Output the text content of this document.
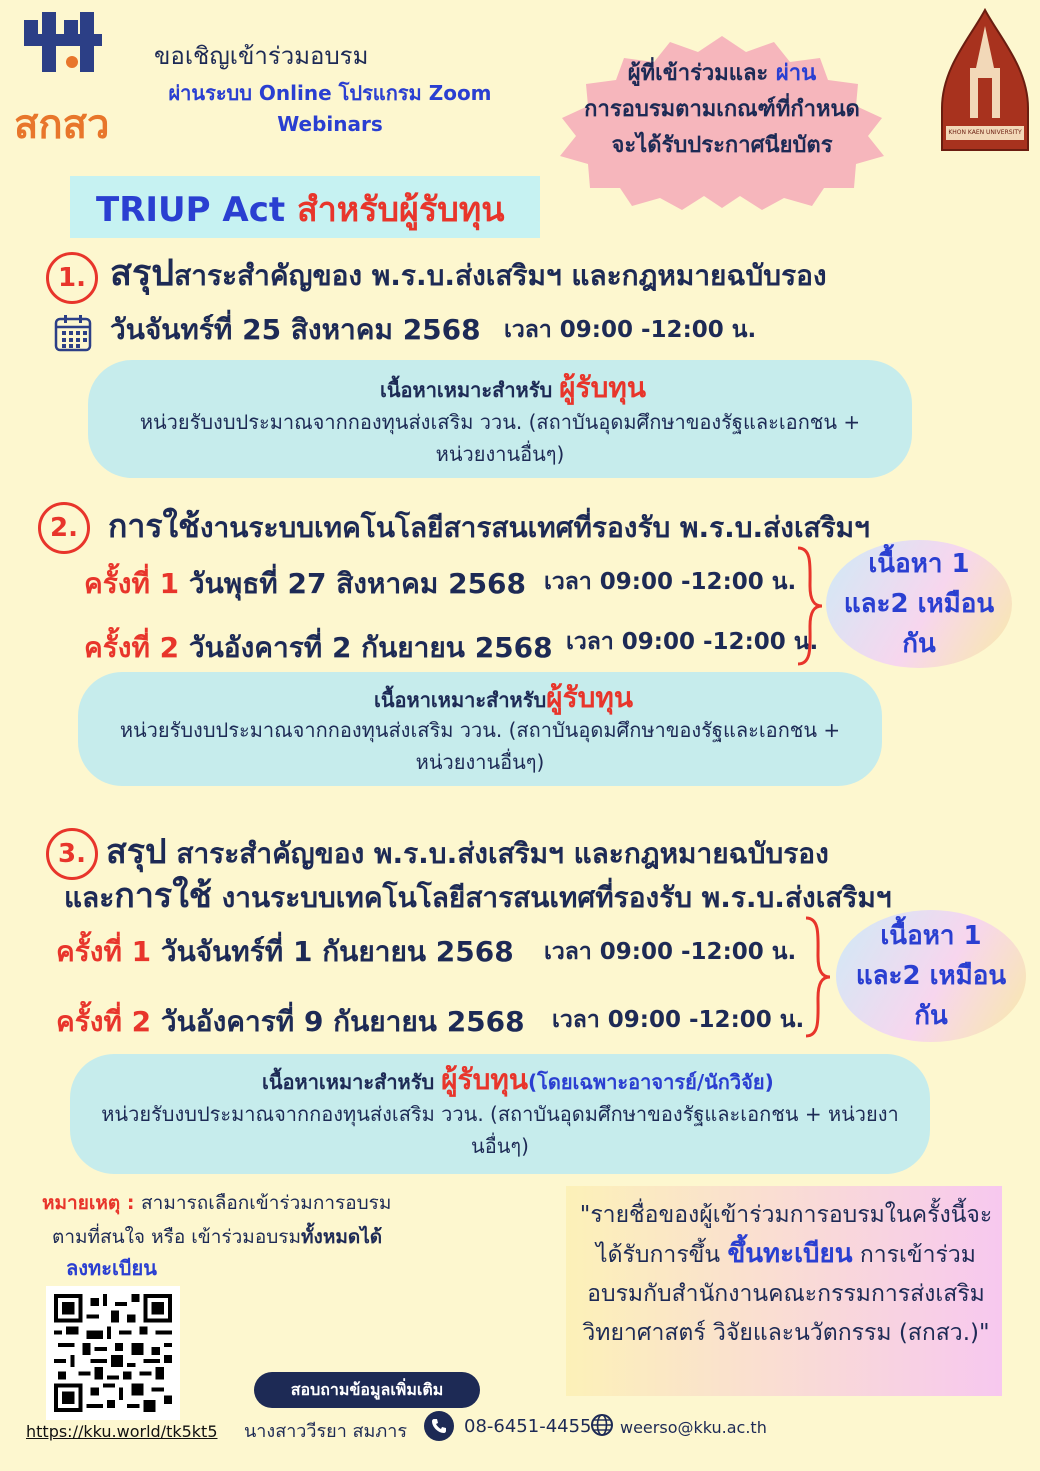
สกสว
ขอเชิญเข้าร่วมอบรม
ผ่านระบบ Online โปรแกรม Zoom Webinars
ผู้ที่เข้าร่วมและ ผ่าน
การอบรมตามเกณฑ์ที่กำหนดจะได้รับประกาศนียบัตร
KHON KAEN UNIVERSITY
TRIUP Act สำหรับผู้รับทุน
1. สรุปสาระสำคัญของ พ.ร.บ.ส่งเสริมฯ และกฎหมายฉบับรอง
วันจันทร์ที่ 25 สิงหาคม 2568 เวลา 09:00 -12:00 น.
เนื้อหาเหมาะสำหรับ ผู้รับทุน
หน่วยรับงบประมาณจากกองทุนส่งเสริม ววน. (สถาบันอุดมศึกษาของรัฐและเอกชน + หน่วยงานอื่นๆ)
2. การใช้งานระบบเทคโนโลยีสารสนเทศที่รองรับ พ.ร.บ.ส่งเสริมฯ
ครั้งที่ 1 วันพุธที่ 27 สิงหาคม 2568 เวลา 09:00 -12:00 น.
ครั้งที่ 2 วันอังคารที่ 2 กันยายน 2568 เวลา 09:00 -12:00 น.
เนื้อหา 1 และ2 เหมือนกัน
เนื้อหาเหมาะสำหรับผู้รับทุน
หน่วยรับงบประมาณจากกองทุนส่งเสริม ววน. (สถาบันอุดมศึกษาของรัฐและเอกชน + หน่วยงานอื่นๆ)
3. สรุป สาระสำคัญของ พ.ร.บ.ส่งเสริมฯ และกฎหมายฉบับรอง
และการใช้ งานระบบเทคโนโลยีสารสนเทศที่รองรับ พ.ร.บ.ส่งเสริมฯ
ครั้งที่ 1 วันจันทร์ที่ 1 กันยายน 2568 เวลา 09:00 -12:00 น.
ครั้งที่ 2 วันอังคารที่ 9 กันยายน 2568 เวลา 09:00 -12:00 น.
เนื้อหา 1 และ2 เหมือนกัน
เนื้อหาเหมาะสำหรับ ผู้รับทุน(โดยเฉพาะอาจารย์/นักวิจัย)
หน่วยรับงบประมาณจากกองทุนส่งเสริม ววน. (สถาบันอุดมศึกษาของรัฐและเอกชน + หน่วยงานอื่นๆ)
หมายเหตุ : สามารถเลือกเข้าร่วมการอบรม
ตามที่สนใจ หรือ เข้าร่วมอบรมทั้งหมดได้
ลงทะเบียน
https://kku.world/tk5kt5
"รายชื่อของผู้เข้าร่วมการอบรมในครั้งนี้จะได้รับการขึ้น ขึ้นทะเบียน การเข้าร่วมอบรมกับสำนักงานคณะกรรมการส่งเสริมวิทยาศาสตร์ วิจัยและนวัตกรรม (สกสว.)"
สอบถามข้อมูลเพิ่มเติม
นางสาววีรยา สมภาร	08-6451-4455 weerso@kku.ac.th
